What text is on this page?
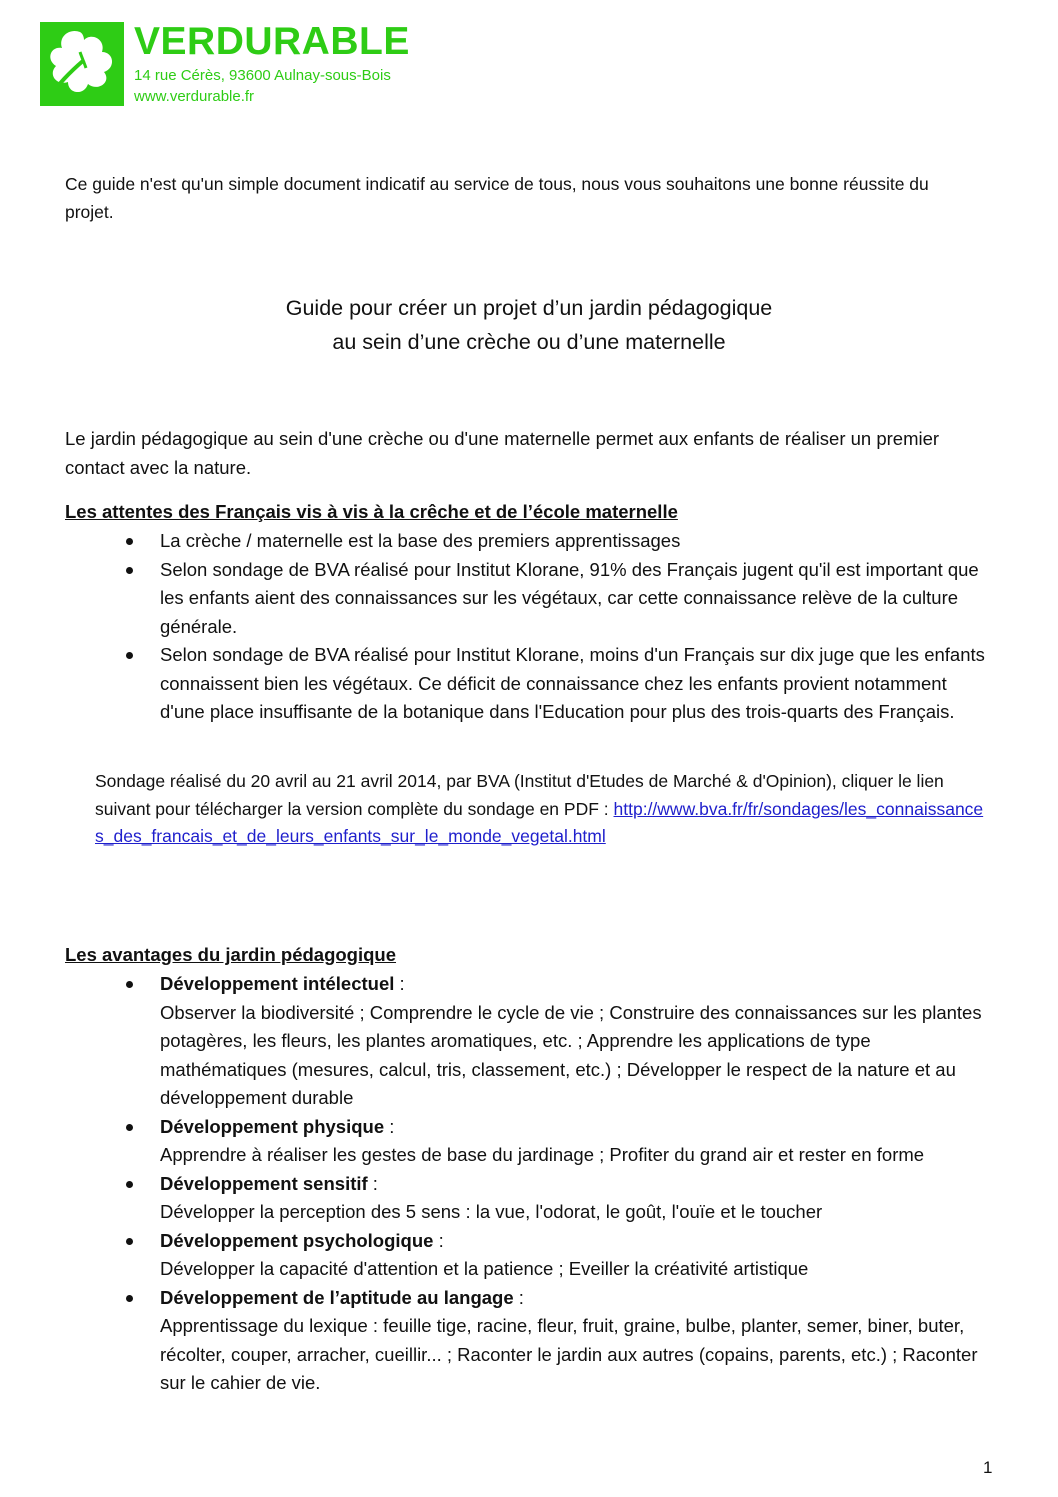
VERDURABLE
14 rue Cérès, 93600 Aulnay-sous-Bois
www.verdurable.fr
Ce guide n'est qu'un simple document indicatif au service de tous, nous vous souhaitons une bonne réussite du projet.
Guide pour créer un projet d’un jardin pédagogique
au sein d’une crèche ou d’une maternelle
Le jardin pédagogique au sein d'une crèche ou d'une maternelle permet aux enfants de réaliser un premier contact avec la nature.
Les attentes des Français vis à vis à la crêche et de l’école maternelle
La crèche / maternelle est la base des premiers apprentissages
Selon sondage de BVA réalisé pour Institut Klorane, 91% des Français jugent qu'il est important que les enfants aient des connaissances sur les végétaux, car cette connaissance relève de la culture générale.
Selon sondage de BVA réalisé pour Institut Klorane, moins d'un Français sur dix juge que les enfants connaissent bien les végétaux. Ce déficit de connaissance chez les enfants provient notamment d'une place insuffisante de la botanique dans l'Education pour plus des trois-quarts des Français.
Sondage réalisé du 20 avril au 21 avril 2014, par BVA (Institut d'Etudes de Marché & d'Opinion), cliquer le lien suivant pour télécharger la version complète du sondage en PDF : http://www.bva.fr/fr/sondages/les_connaissances_des_francais_et_de_leurs_enfants_sur_le_monde_vegetal.html
Les avantages du jardin pédagogique
Développement intélectuel :
Observer la biodiversité ; Comprendre le cycle de vie ; Construire des connaissances sur les plantes potagères, les fleurs, les plantes aromatiques, etc. ; Apprendre les applications de type mathématiques (mesures, calcul, tris, classement, etc.) ; Développer le respect de la nature et au développement durable
Développement physique :
Apprendre à réaliser les gestes de base du jardinage ; Profiter du grand air et rester en forme
Développement sensitif :
Développer la perception des 5 sens : la vue, l'odorat, le goût, l'ouïe et le toucher
Développement psychologique :
Développer la capacité d'attention et la patience ; Eveiller la créativité artistique
Développement de l’aptitude au langage :
Apprentissage du lexique : feuille tige, racine, fleur, fruit, graine, bulbe, planter, semer, biner, buter, récolter, couper, arracher, cueillir... ; Raconter le jardin aux autres (copains, parents, etc.) ; Raconter sur le cahier de vie.
1
